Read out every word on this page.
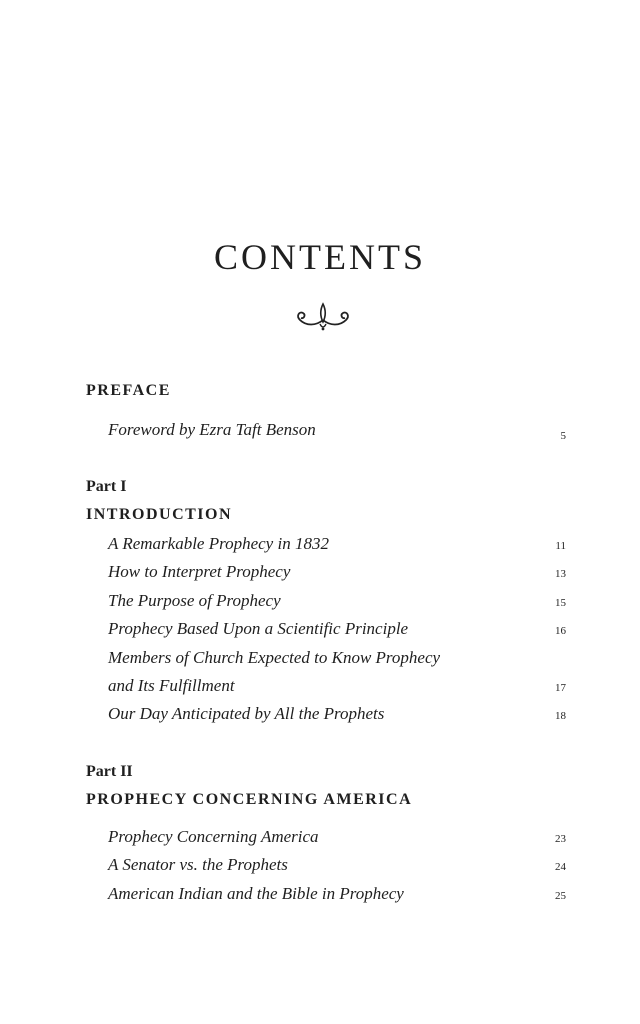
CONTENTS
PREFACE
Foreword by Ezra Taft Benson	5
Part I
INTRODUCTION
A Remarkable Prophecy in 1832	11
How to Interpret Prophecy	13
The Purpose of Prophecy	15
Prophecy Based Upon a Scientific Principle	16
Members of Church Expected to Know Prophecy
and Its Fulfillment	17
Our Day Anticipated by All the Prophets	18
Part II
PROPHECY CONCERNING AMERICA
Prophecy Concerning America	23
A Senator vs. the Prophets	24
American Indian and the Bible in Prophecy	25
